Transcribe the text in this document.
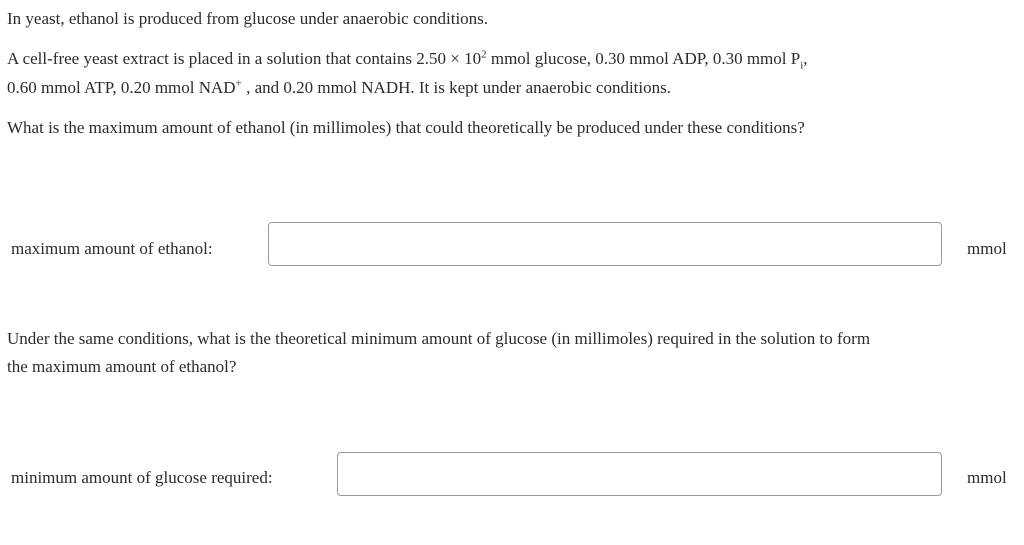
In yeast, ethanol is produced from glucose under anaerobic conditions.
A cell-free yeast extract is placed in a solution that contains $2.50 \times 10^2$ mmol glucose, 0.30 mmol ADP, 0.30 mmol $P_i$,
0.60 mmol ATP, 0.20 mmol NAD+ , and 0.20 mmol NADH. It is kept under anaerobic conditions.
What is the maximum amount of ethanol (in millimoles) that could theoretically be produced under these conditions?
maximum amount of ethanol:	mmol
Under the same conditions, what is the theoretical minimum amount of glucose (in millimoles) required in the solution to form
the maximum amount of ethanol?
minimum amount of glucose required:	mmol
